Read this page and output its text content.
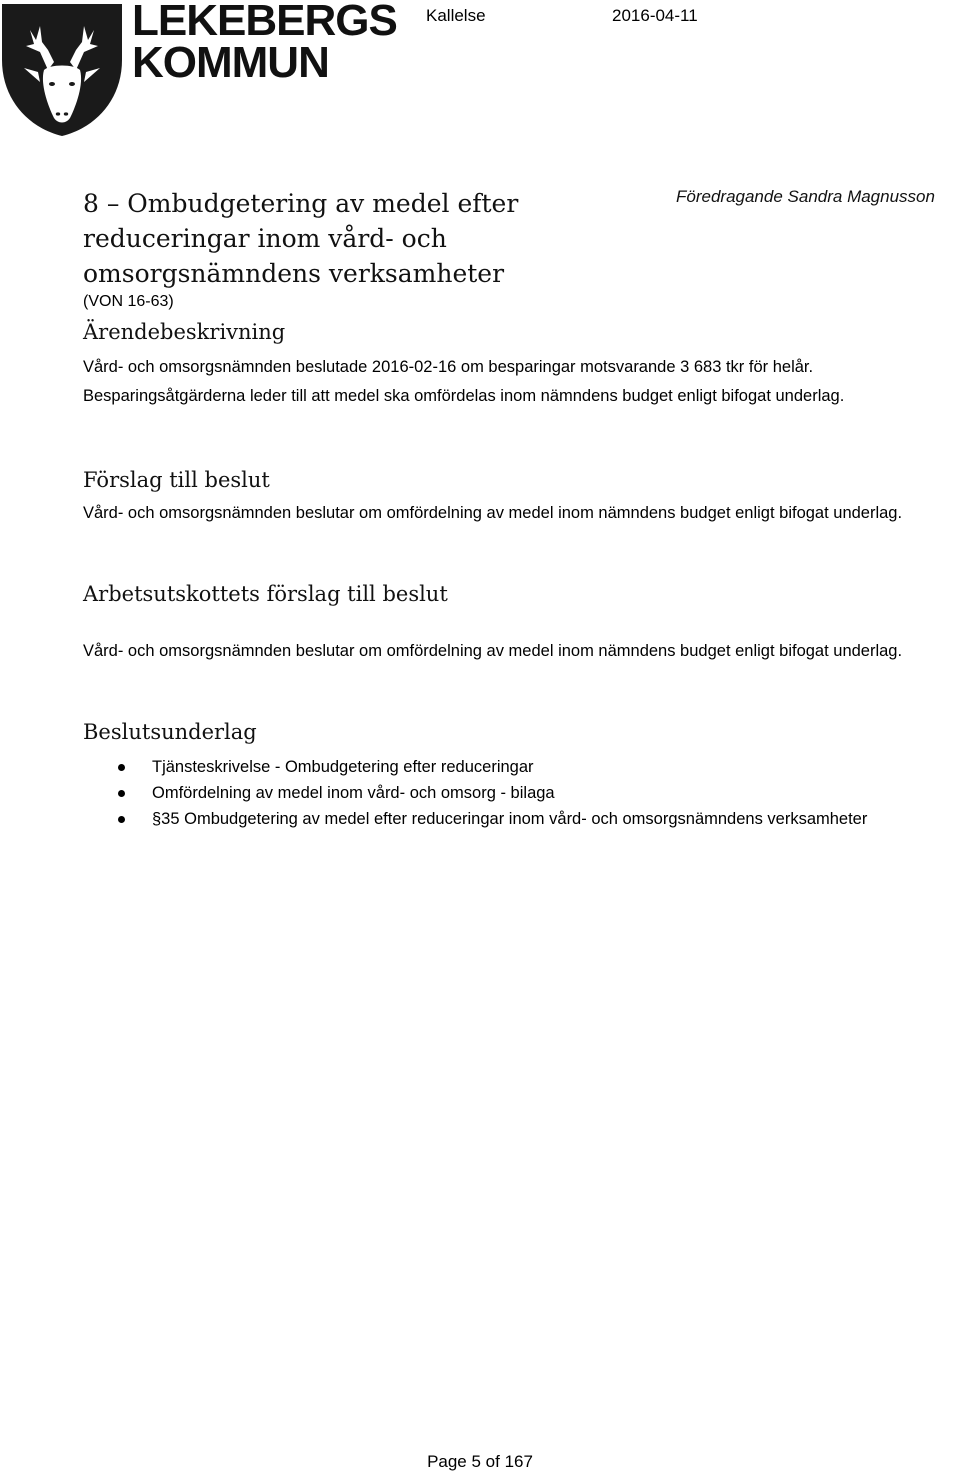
LEKEBERGS
KOMMUN
Kallelse	2016-04-11
Föredragande Sandra Magnusson
8 – Ombudgetering av medel efter reduceringar inom vård- och omsorgsnämndens verksamheter
(VON 16-63)
Ärendebeskrivning
Vård- och omsorgsnämnden beslutade 2016-02-16 om besparingar motsvarande 3 683 tkr för helår. Besparingsåtgärderna leder till att medel ska omfördelas inom nämndens budget enligt bifogat underlag.
Förslag till beslut
Vård- och omsorgsnämnden beslutar om omfördelning av medel inom nämndens budget enligt bifogat underlag.
Arbetsutskottets förslag till beslut
Vård- och omsorgsnämnden beslutar om omfördelning av medel inom nämndens budget enligt bifogat underlag.
Beslutsunderlag
Tjänsteskrivelse - Ombudgetering efter reduceringar
Omfördelning av medel inom vård- och omsorg - bilaga
§35 Ombudgetering av medel efter reduceringar inom vård- och omsorgsnämndens verksamheter
Page 5 of 167
